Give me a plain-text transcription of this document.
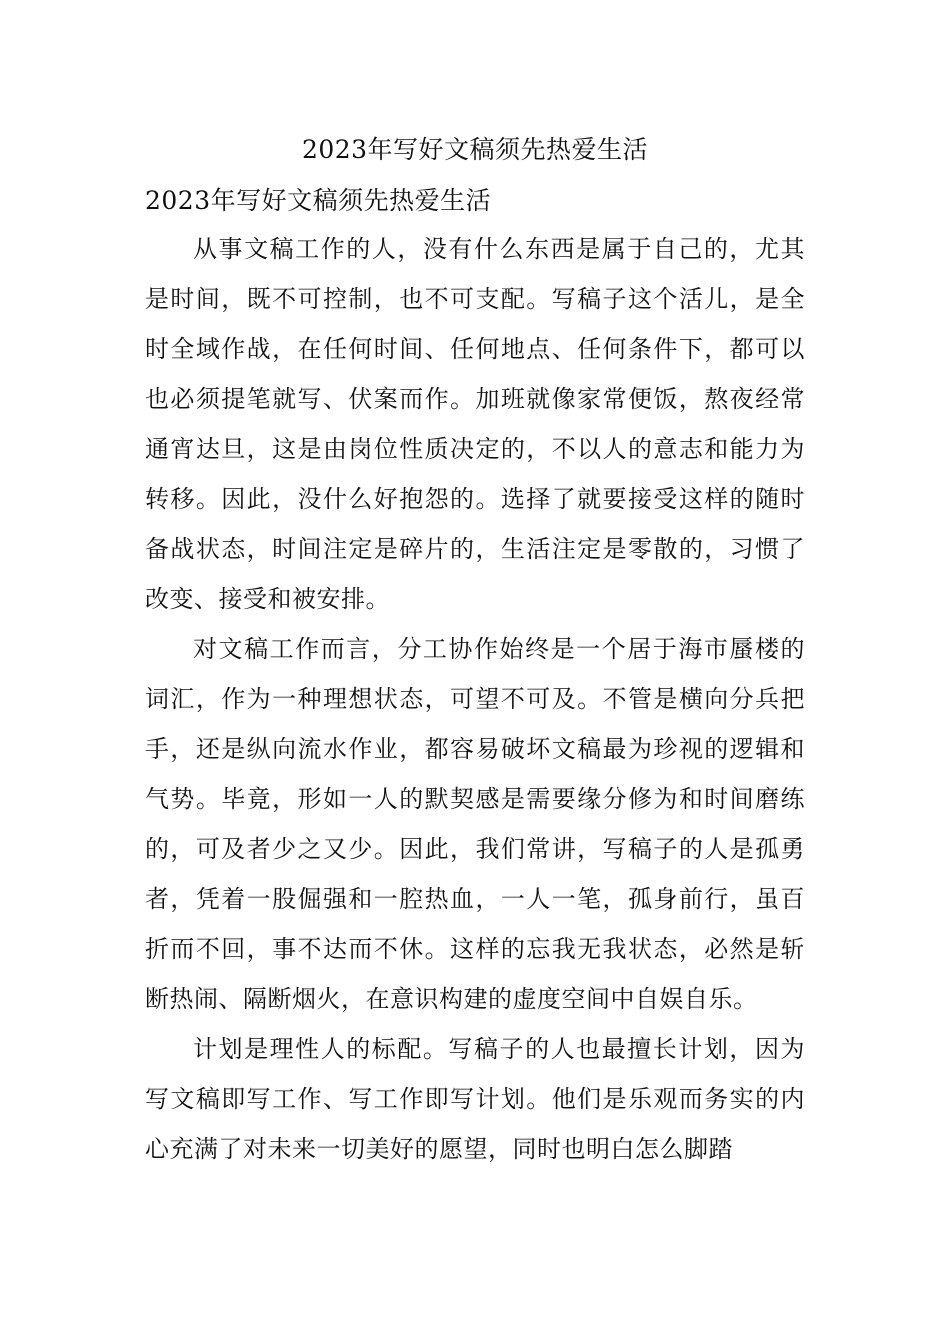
2023年写好文稿须先热爱生活
2023年写好文稿须先热爱生活

从事文稿工作的人，没有什么东西是属于自己的，尤其是时间，既不可控制，也不可支配。写稿子这个活儿，是全时全域作战，在任何时间、任何地点、任何条件下，都可以也必须提笔就写、伏案而作。加班就像家常便饭，熬夜经常通宵达旦，这是由岗位性质决定的，不以人的意志和能力为转移。因此，没什么好抱怨的。选择了就要接受这样的随时备战状态，时间注定是碎片的，生活注定是零散的，习惯了改变、接受和被安排。

对文稿工作而言，分工协作始终是一个居于海市蜃楼的词汇，作为一种理想状态，可望不可及。不管是横向分兵把手，还是纵向流水作业，都容易破坏文稿最为珍视的逻辑和气势。毕竟，形如一人的默契感是需要缘分修为和时间磨练的，可及者少之又少。因此，我们常讲，写稿子的人是孤勇者，凭着一股倔强和一腔热血，一人一笔，孤身前行，虽百折而不回，事不达而不休。这样的忘我无我状态，必然是斩断热闹、隔断烟火，在意识构建的虚度空间中自娱自乐。

计划是理性人的标配。写稿子的人也最擅长计划，因为写文稿即写工作、写工作即写计划。他们是乐观而务实的内心充满了对未来一切美好的愿望，同时也明白怎么脚踏
